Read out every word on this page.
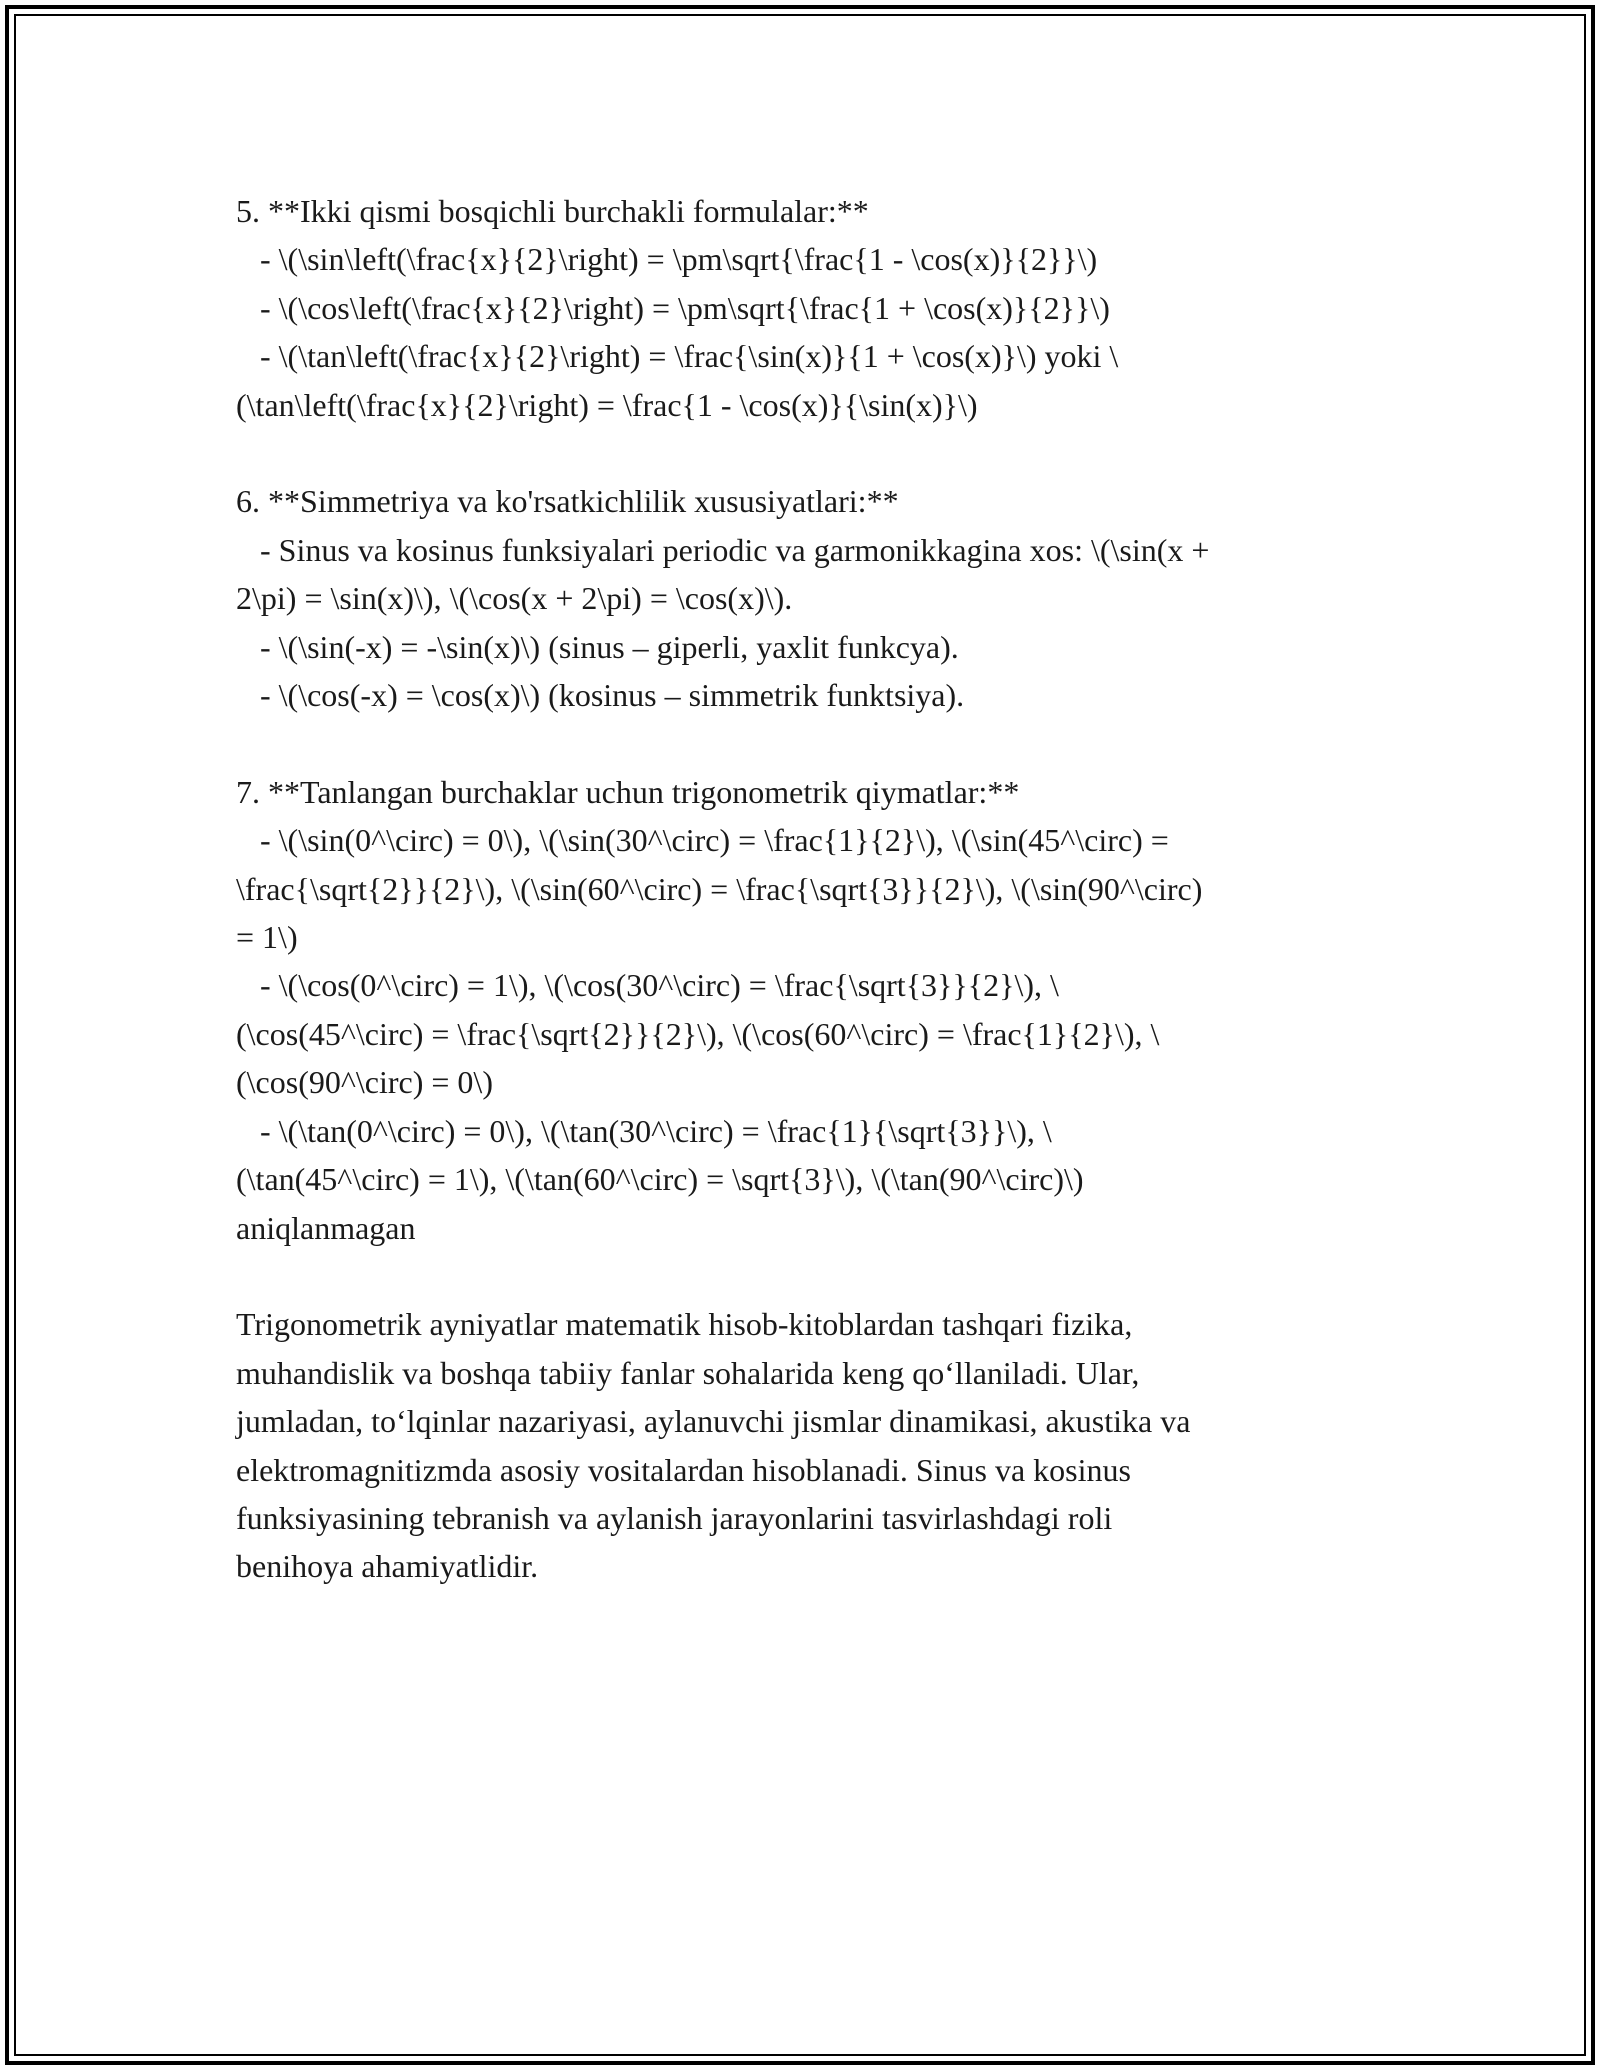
5. **Ikki qismi bosqichli burchakli formulalar:**
- \(\sin\left(\frac{x}{2}\right) = \pm\sqrt{\frac{1 - \cos(x)}{2}}\)
- \(\cos\left(\frac{x}{2}\right) = \pm\sqrt{\frac{1 + \cos(x)}{2}}\)
- \(\tan\left(\frac{x}{2}\right) = \frac{\sin(x)}{1 + \cos(x)}\) yoki \
(\tan\left(\frac{x}{2}\right) = \frac{1 - \cos(x)}{\sin(x)}\)
6. **Simmetriya va ko'rsatkichlilik xususiyatlari:**
- Sinus va kosinus funksiyalari periodic va garmonikkagina xos: \(\sin(x +
2\pi) = \sin(x)\), \(\cos(x + 2\pi) = \cos(x)\).
- \(\sin(-x) = -\sin(x)\) (sinus – giperli, yaxlit funkcya).
- \(\cos(-x) = \cos(x)\) (kosinus – simmetrik funktsiya).
7. **Tanlangan burchaklar uchun trigonometrik qiymatlar:**
- \(\sin(0^\circ) = 0\), \(\sin(30^\circ) = \frac{1}{2}\), \(\sin(45^\circ) =
\frac{\sqrt{2}}{2}\), \(\sin(60^\circ) = \frac{\sqrt{3}}{2}\), \(\sin(90^\circ)
= 1\)
- \(\cos(0^\circ) = 1\), \(\cos(30^\circ) = \frac{\sqrt{3}}{2}\), \
(\cos(45^\circ) = \frac{\sqrt{2}}{2}\), \(\cos(60^\circ) = \frac{1}{2}\), \
(\cos(90^\circ) = 0\)
- \(\tan(0^\circ) = 0\), \(\tan(30^\circ) = \frac{1}{\sqrt{3}}\), \
(\tan(45^\circ) = 1\), \(\tan(60^\circ) = \sqrt{3}\), \(\tan(90^\circ)\)
aniqlanmagan
Trigonometrik ayniyatlar matematik hisob-kitoblardan tashqari fizika,
muhandislik va boshqa tabiiy fanlar sohalarida keng qo‘llaniladi. Ular,
jumladan, to‘lqinlar nazariyasi, aylanuvchi jismlar dinamikasi, akustika va
elektromagnitizmda asosiy vositalardan hisoblanadi. Sinus va kosinus
funksiyasining tebranish va aylanish jarayonlarini tasvirlashdagi roli
benihoya ahamiyatlidir.
